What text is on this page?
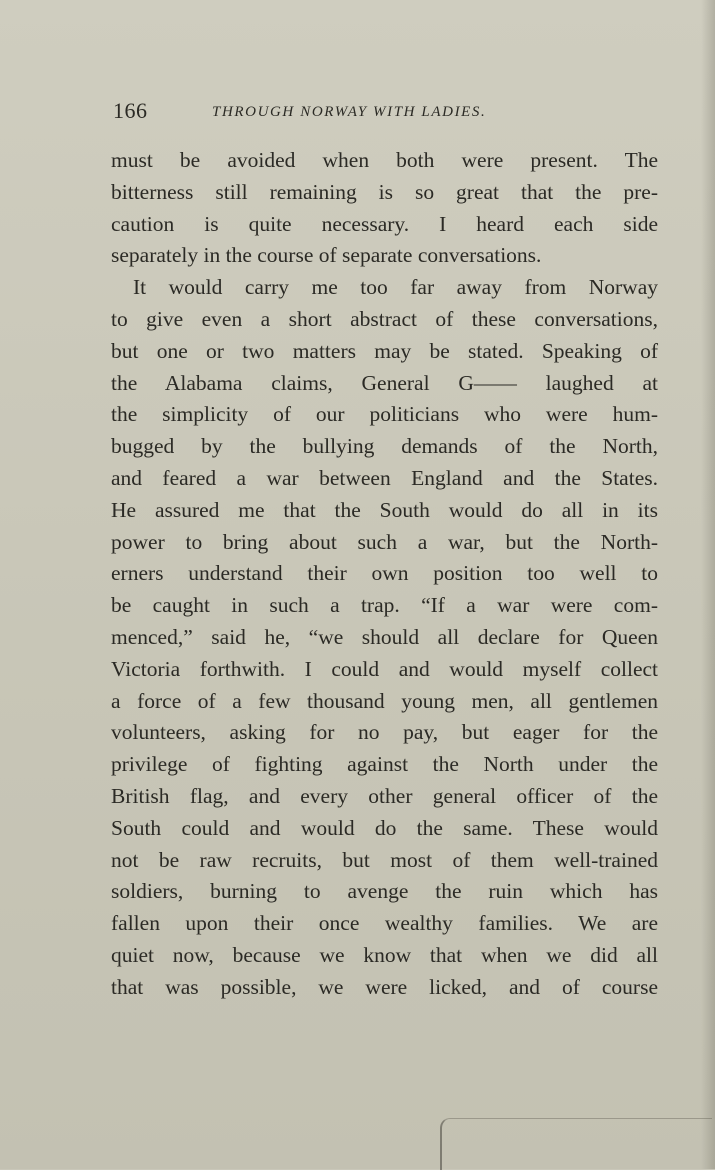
166	THROUGH NORWAY WITH LADIES.
must be avoided when both were present. The
bitterness still remaining is so great that the pre-
caution is quite necessary. I heard each side
separately in the course of separate conversations.
It would carry me too far away from Norway
to give even a short abstract of these conversations,
but one or two matters may be stated. Speaking of
the Alabama claims, General G—— laughed at
the simplicity of our politicians who were hum-
bugged by the bullying demands of the North,
and feared a war between England and the States.
He assured me that the South would do all in its
power to bring about such a war, but the North-
erners understand their own position too well to
be caught in such a trap. “If a war were com-
menced,” said he, “we should all declare for Queen
Victoria forthwith. I could and would myself collect
a force of a few thousand young men, all gentlemen
volunteers, asking for no pay, but eager for the
privilege of fighting against the North under the
British flag, and every other general officer of the
South could and would do the same. These would
not be raw recruits, but most of them well-trained
soldiers, burning to avenge the ruin which has
fallen upon their once wealthy families. We are
quiet now, because we know that when we did all
that was possible, we were licked, and of course
